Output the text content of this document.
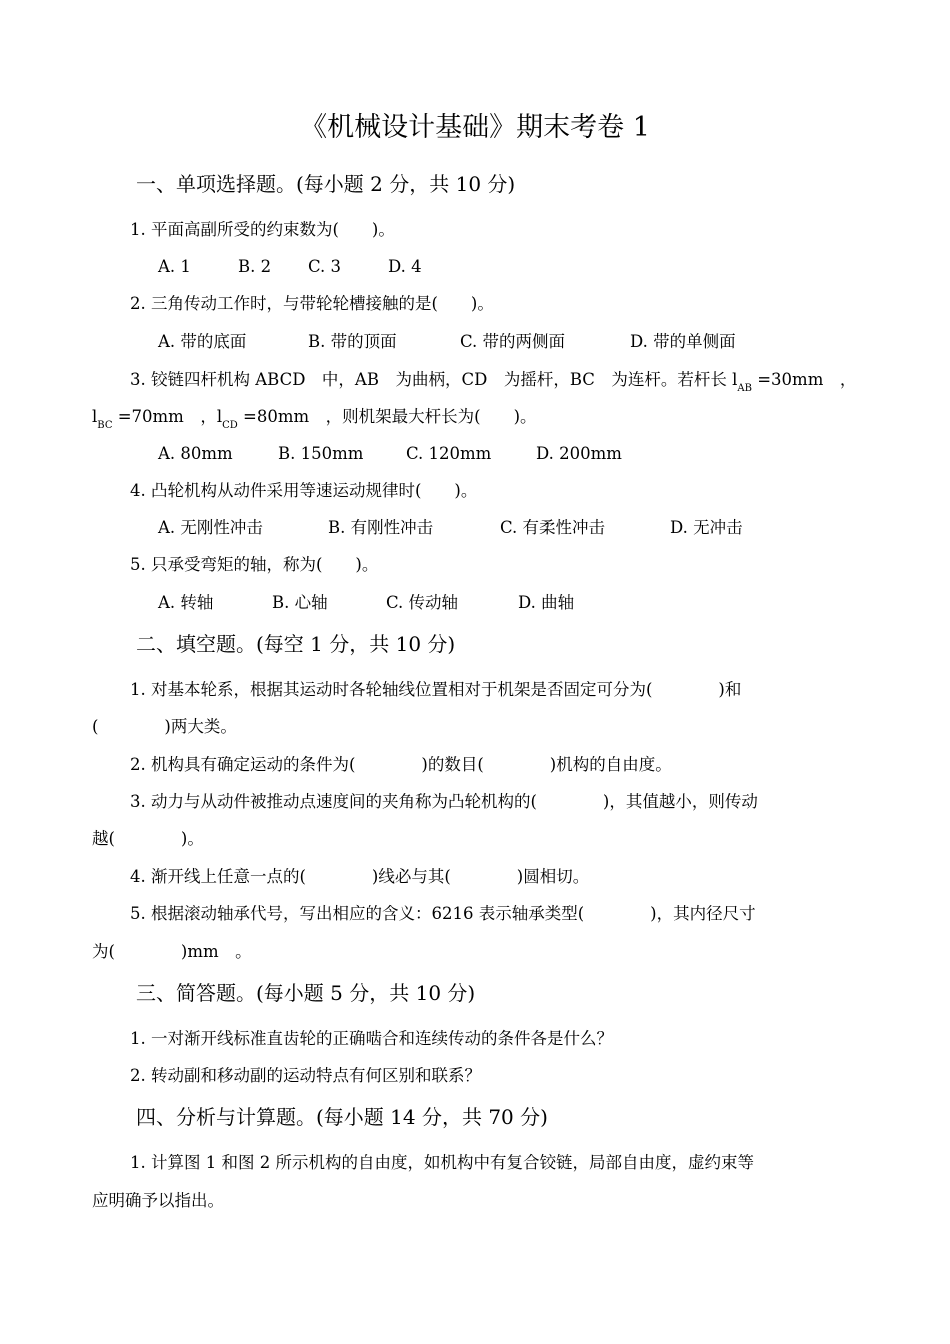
《机械设计基础》期末考卷 1
一、单项选择题。(每小题 2 分，共 10 分)
1. 平面高副所受的约束数为(　　)。
A. 1	B. 2 C. 3	D. 4
2. 三角传动工作时，与带轮轮槽接触的是(　　)。
A. 带的底面	B. 带的顶面	C. 带的两侧面	D. 带的单侧面
3. 铰链四杆机构 ABCD　中，AB　为曲柄，CD　为摇杆，BC　为连杆。若杆长 $l_{AB} =30mm$　，
$l_{BC} =70mm$　，$l_{CD} =80mm$　，则机架最大杆长为(　　)。
A. 80mm	B. 150mm	C. 120mm	D. 200mm
4. 凸轮机构从动件采用等速运动规律时(　　)。
A. 无刚性冲击	B. 有刚性冲击	C. 有柔性冲击	D. 无冲击
5. 只承受弯矩的轴，称为(　　)。
A. 转轴	B. 心轴	C. 传动轴	D. 曲轴
二、填空题。(每空 1 分，共 10 分)
1. 对基本轮系，根据其运动时各轮轴线位置相对于机架是否固定可分为(　　　　)和
(　　　　)两大类。
2. 机构具有确定运动的条件为(　　　　)的数目(　　　　)机构的自由度。
3. 动力与从动件被推动点速度间的夹角称为凸轮机构的(　　　　)，其值越小，则传动
越(　　　　)。
4. 渐开线上任意一点的(　　　　)线必与其(　　　　)圆相切。
5. 根据滚动轴承代号，写出相应的含义：6216 表示轴承类型(　　　　)，其内径尺寸
为(　　　　)mm　。
三、简答题。(每小题 5 分，共 10 分)
1. 一对渐开线标准直齿轮的正确啮合和连续传动的条件各是什么？
2. 转动副和移动副的运动特点有何区别和联系？
四、分析与计算题。(每小题 14 分，共 70 分)
1. 计算图 1 和图 2 所示机构的自由度，如机构中有复合铰链，局部自由度，虚约束等
应明确予以指出。
